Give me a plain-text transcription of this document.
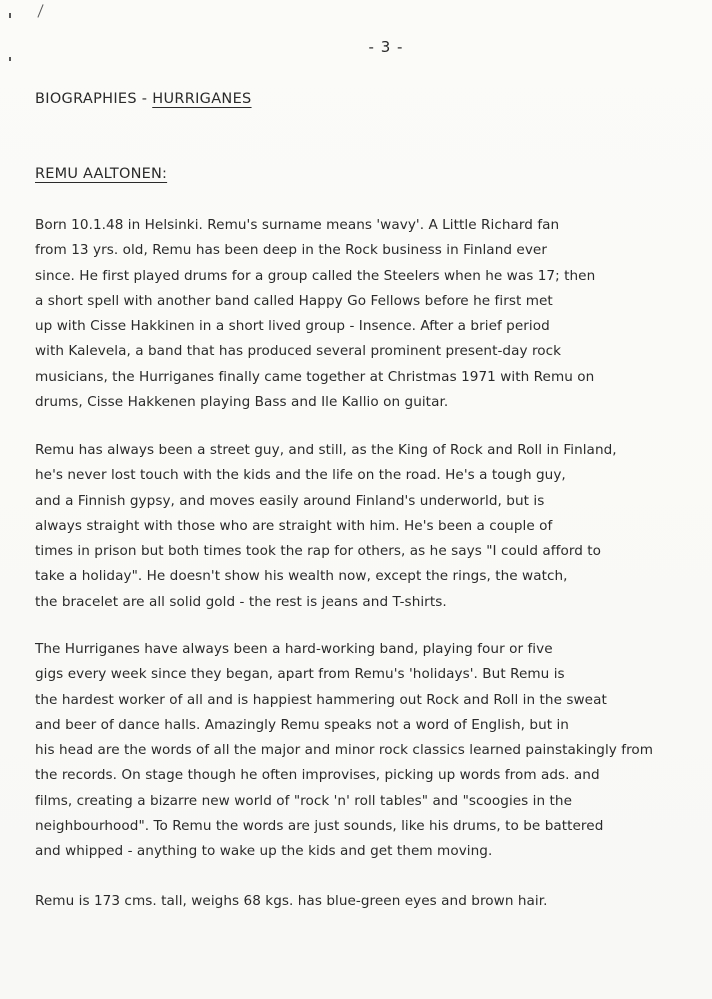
- 3 -
BIOGRAPHIES - HURRIGANES
REMU AALTONEN:
Born 10.1.48 in Helsinki. Remu's surname means 'wavy'. A Little Richard fan
from 13 yrs. old, Remu has been deep in the Rock business in Finland ever
since. He first played drums for a group called the Steelers when he was 17; then
a short spell with another band called Happy Go Fellows before he first met
up with Cisse Hakkinen in a short lived group - Insence. After a brief period
with Kalevela, a band that has produced several prominent present-day rock
musicians, the Hurriganes finally came together at Christmas 1971 with Remu on
drums, Cisse Hakkenen playing Bass and Ile Kallio on guitar.
Remu has always been a street guy, and still, as the King of Rock and Roll in Finland,
he's never lost touch with the kids and the life on the road. He's a tough guy,
and a Finnish gypsy, and moves easily around Finland's underworld, but is
always straight with those who are straight with him. He's been a couple of
times in prison but both times took the rap for others, as he says "I could afford to
take a holiday". He doesn't show his wealth now, except the rings, the watch,
the bracelet are all solid gold - the rest is jeans and T-shirts.
The Hurriganes have always been a hard-working band, playing four or five
gigs every week since they began, apart from Remu's 'holidays'. But Remu is
the hardest worker of all and is happiest hammering out Rock and Roll in the sweat
and beer of dance halls. Amazingly Remu speaks not a word of English, but in
his head are the words of all the major and minor rock classics learned painstakingly from
the records. On stage though he often improvises, picking up words from ads. and
films, creating a bizarre new world of "rock 'n' roll tables" and "scoogies in the
neighbourhood". To Remu the words are just sounds, like his drums, to be battered
and whipped - anything to wake up the kids and get them moving.
Remu is 173 cms. tall, weighs 68 kgs. has blue-green eyes and brown hair.
